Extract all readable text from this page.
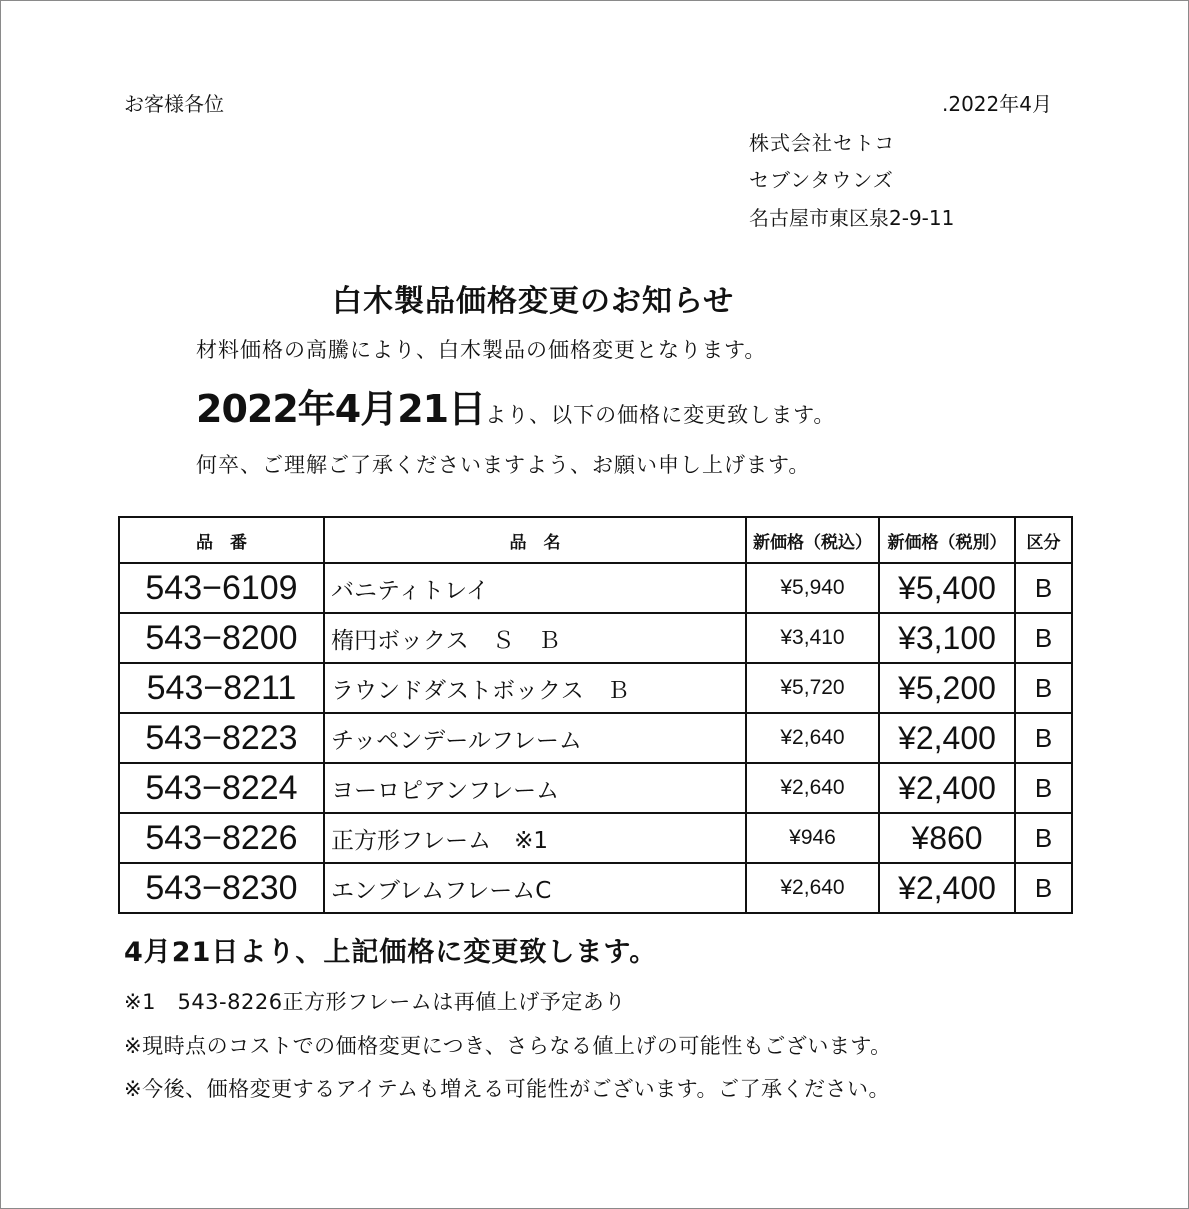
お客様各位	.2022年4月
株式会社セトコ
セブンタウンズ
名古屋市東区泉2-9-11
白木製品価格変更のお知らせ
材料価格の高騰により、白木製品の価格変更となります。
2022年4月21日より、以下の価格に変更致します。
何卒、ご理解ご了承くださいますよう、お願い申し上げます。
品　番	品　名	新価格（税込）	新価格（税別）	区分
543−6109	バニティトレイ	¥5,940	¥5,400	B
543−8200	楕円ボックス　Ｓ　Ｂ	¥3,410	¥3,100	B
543−8211	ラウンドダストボックス　Ｂ	¥5,720	¥5,200	B
543−8223	チッペンデールフレーム	¥2,640	¥2,400	B
543−8224	ヨーロピアンフレーム	¥2,640	¥2,400	B
543−8226	正方形フレーム　※1	¥946	¥860	B
543−8230	エンブレムフレームC	¥2,640	¥2,400	B
4月21日より、上記価格に変更致します。
※1　543-8226正方形フレームは再値上げ予定あり
※現時点のコストでの価格変更につき、さらなる値上げの可能性もございます。
※今後、価格変更するアイテムも増える可能性がございます。ご了承ください。
